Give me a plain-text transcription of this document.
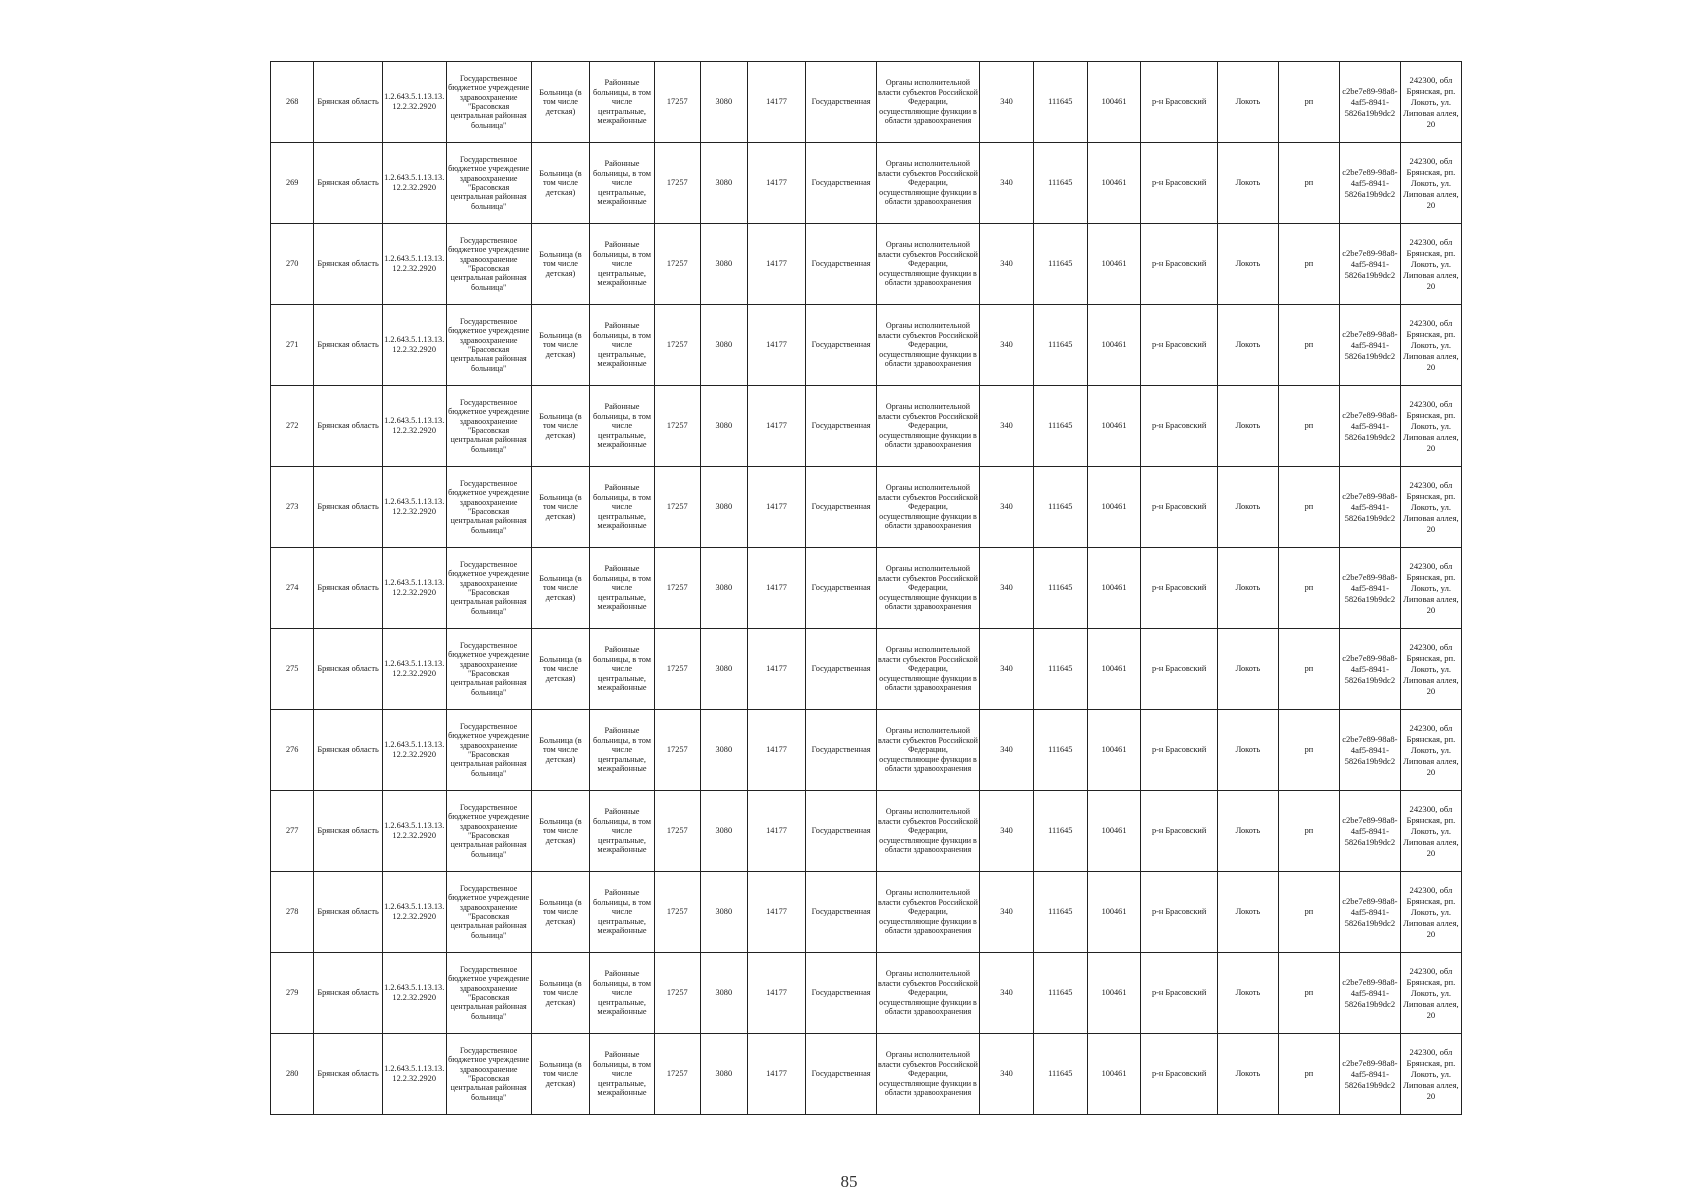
268	Брянская область	1.2.643.5.1.13.13.12.2.32.2920	Государственное бюджетное учреждение здравоохранение "Брасовская центральная районная больница"	Больница (в том числе детская)	Районные больницы, в том числе центральные, межрайонные	17257	3080	14177	Государственная	Органы исполнительной власти субъектов Российской Федерации, осуществляющие функции в области здравоохранения	340	111645	100461	р-н Брасовский	Локоть	рп	c2be7e89-98a8-4af5-8941-5826a19b9dc2	242300, обл Брянская, рп. Локоть, ул. Липовая аллея, 20
269	Брянская область	1.2.643.5.1.13.13.12.2.32.2920	Государственное бюджетное учреждение здравоохранение "Брасовская центральная районная больница"	Больница (в том числе детская)	Районные больницы, в том числе центральные, межрайонные	17257	3080	14177	Государственная	Органы исполнительной власти субъектов Российской Федерации, осуществляющие функции в области здравоохранения	340	111645	100461	р-н Брасовский	Локоть	рп	c2be7e89-98a8-4af5-8941-5826a19b9dc2	242300, обл Брянская, рп. Локоть, ул. Липовая аллея, 20
270	Брянская область	1.2.643.5.1.13.13.12.2.32.2920	Государственное бюджетное учреждение здравоохранение "Брасовская центральная районная больница"	Больница (в том числе детская)	Районные больницы, в том числе центральные, межрайонные	17257	3080	14177	Государственная	Органы исполнительной власти субъектов Российской Федерации, осуществляющие функции в области здравоохранения	340	111645	100461	р-н Брасовский	Локоть	рп	c2be7e89-98a8-4af5-8941-5826a19b9dc2	242300, обл Брянская, рп. Локоть, ул. Липовая аллея, 20
271	Брянская область	1.2.643.5.1.13.13.12.2.32.2920	Государственное бюджетное учреждение здравоохранение "Брасовская центральная районная больница"	Больница (в том числе детская)	Районные больницы, в том числе центральные, межрайонные	17257	3080	14177	Государственная	Органы исполнительной власти субъектов Российской Федерации, осуществляющие функции в области здравоохранения	340	111645	100461	р-н Брасовский	Локоть	рп	c2be7e89-98a8-4af5-8941-5826a19b9dc2	242300, обл Брянская, рп. Локоть, ул. Липовая аллея, 20
272	Брянская область	1.2.643.5.1.13.13.12.2.32.2920	Государственное бюджетное учреждение здравоохранение "Брасовская центральная районная больница"	Больница (в том числе детская)	Районные больницы, в том числе центральные, межрайонные	17257	3080	14177	Государственная	Органы исполнительной власти субъектов Российской Федерации, осуществляющие функции в области здравоохранения	340	111645	100461	р-н Брасовский	Локоть	рп	c2be7e89-98a8-4af5-8941-5826a19b9dc2	242300, обл Брянская, рп. Локоть, ул. Липовая аллея, 20
273	Брянская область	1.2.643.5.1.13.13.12.2.32.2920	Государственное бюджетное учреждение здравоохранение "Брасовская центральная районная больница"	Больница (в том числе детская)	Районные больницы, в том числе центральные, межрайонные	17257	3080	14177	Государственная	Органы исполнительной власти субъектов Российской Федерации, осуществляющие функции в области здравоохранения	340	111645	100461	р-н Брасовский	Локоть	рп	c2be7e89-98a8-4af5-8941-5826a19b9dc2	242300, обл Брянская, рп. Локоть, ул. Липовая аллея, 20
274	Брянская область	1.2.643.5.1.13.13.12.2.32.2920	Государственное бюджетное учреждение здравоохранение "Брасовская центральная районная больница"	Больница (в том числе детская)	Районные больницы, в том числе центральные, межрайонные	17257	3080	14177	Государственная	Органы исполнительной власти субъектов Российской Федерации, осуществляющие функции в области здравоохранения	340	111645	100461	р-н Брасовский	Локоть	рп	c2be7e89-98a8-4af5-8941-5826a19b9dc2	242300, обл Брянская, рп. Локоть, ул. Липовая аллея, 20
275	Брянская область	1.2.643.5.1.13.13.12.2.32.2920	Государственное бюджетное учреждение здравоохранение "Брасовская центральная районная больница"	Больница (в том числе детская)	Районные больницы, в том числе центральные, межрайонные	17257	3080	14177	Государственная	Органы исполнительной власти субъектов Российской Федерации, осуществляющие функции в области здравоохранения	340	111645	100461	р-н Брасовский	Локоть	рп	c2be7e89-98a8-4af5-8941-5826a19b9dc2	242300, обл Брянская, рп. Локоть, ул. Липовая аллея, 20
276	Брянская область	1.2.643.5.1.13.13.12.2.32.2920	Государственное бюджетное учреждение здравоохранение "Брасовская центральная районная больница"	Больница (в том числе детская)	Районные больницы, в том числе центральные, межрайонные	17257	3080	14177	Государственная	Органы исполнительной власти субъектов Российской Федерации, осуществляющие функции в области здравоохранения	340	111645	100461	р-н Брасовский	Локоть	рп	c2be7e89-98a8-4af5-8941-5826a19b9dc2	242300, обл Брянская, рп. Локоть, ул. Липовая аллея, 20
277	Брянская область	1.2.643.5.1.13.13.12.2.32.2920	Государственное бюджетное учреждение здравоохранение "Брасовская центральная районная больница"	Больница (в том числе детская)	Районные больницы, в том числе центральные, межрайонные	17257	3080	14177	Государственная	Органы исполнительной власти субъектов Российской Федерации, осуществляющие функции в области здравоохранения	340	111645	100461	р-н Брасовский	Локоть	рп	c2be7e89-98a8-4af5-8941-5826a19b9dc2	242300, обл Брянская, рп. Локоть, ул. Липовая аллея, 20
278	Брянская область	1.2.643.5.1.13.13.12.2.32.2920	Государственное бюджетное учреждение здравоохранение "Брасовская центральная районная больница"	Больница (в том числе детская)	Районные больницы, в том числе центральные, межрайонные	17257	3080	14177	Государственная	Органы исполнительной власти субъектов Российской Федерации, осуществляющие функции в области здравоохранения	340	111645	100461	р-н Брасовский	Локоть	рп	c2be7e89-98a8-4af5-8941-5826a19b9dc2	242300, обл Брянская, рп. Локоть, ул. Липовая аллея, 20
279	Брянская область	1.2.643.5.1.13.13.12.2.32.2920	Государственное бюджетное учреждение здравоохранение "Брасовская центральная районная больница"	Больница (в том числе детская)	Районные больницы, в том числе центральные, межрайонные	17257	3080	14177	Государственная	Органы исполнительной власти субъектов Российской Федерации, осуществляющие функции в области здравоохранения	340	111645	100461	р-н Брасовский	Локоть	рп	c2be7e89-98a8-4af5-8941-5826a19b9dc2	242300, обл Брянская, рп. Локоть, ул. Липовая аллея, 20
280	Брянская область	1.2.643.5.1.13.13.12.2.32.2920	Государственное бюджетное учреждение здравоохранение "Брасовская центральная районная больница"	Больница (в том числе детская)	Районные больницы, в том числе центральные, межрайонные	17257	3080	14177	Государственная	Органы исполнительной власти субъектов Российской Федерации, осуществляющие функции в области здравоохранения	340	111645	100461	р-н Брасовский	Локоть	рп	c2be7e89-98a8-4af5-8941-5826a19b9dc2	242300, обл Брянская, рп. Локоть, ул. Липовая аллея, 20
85
